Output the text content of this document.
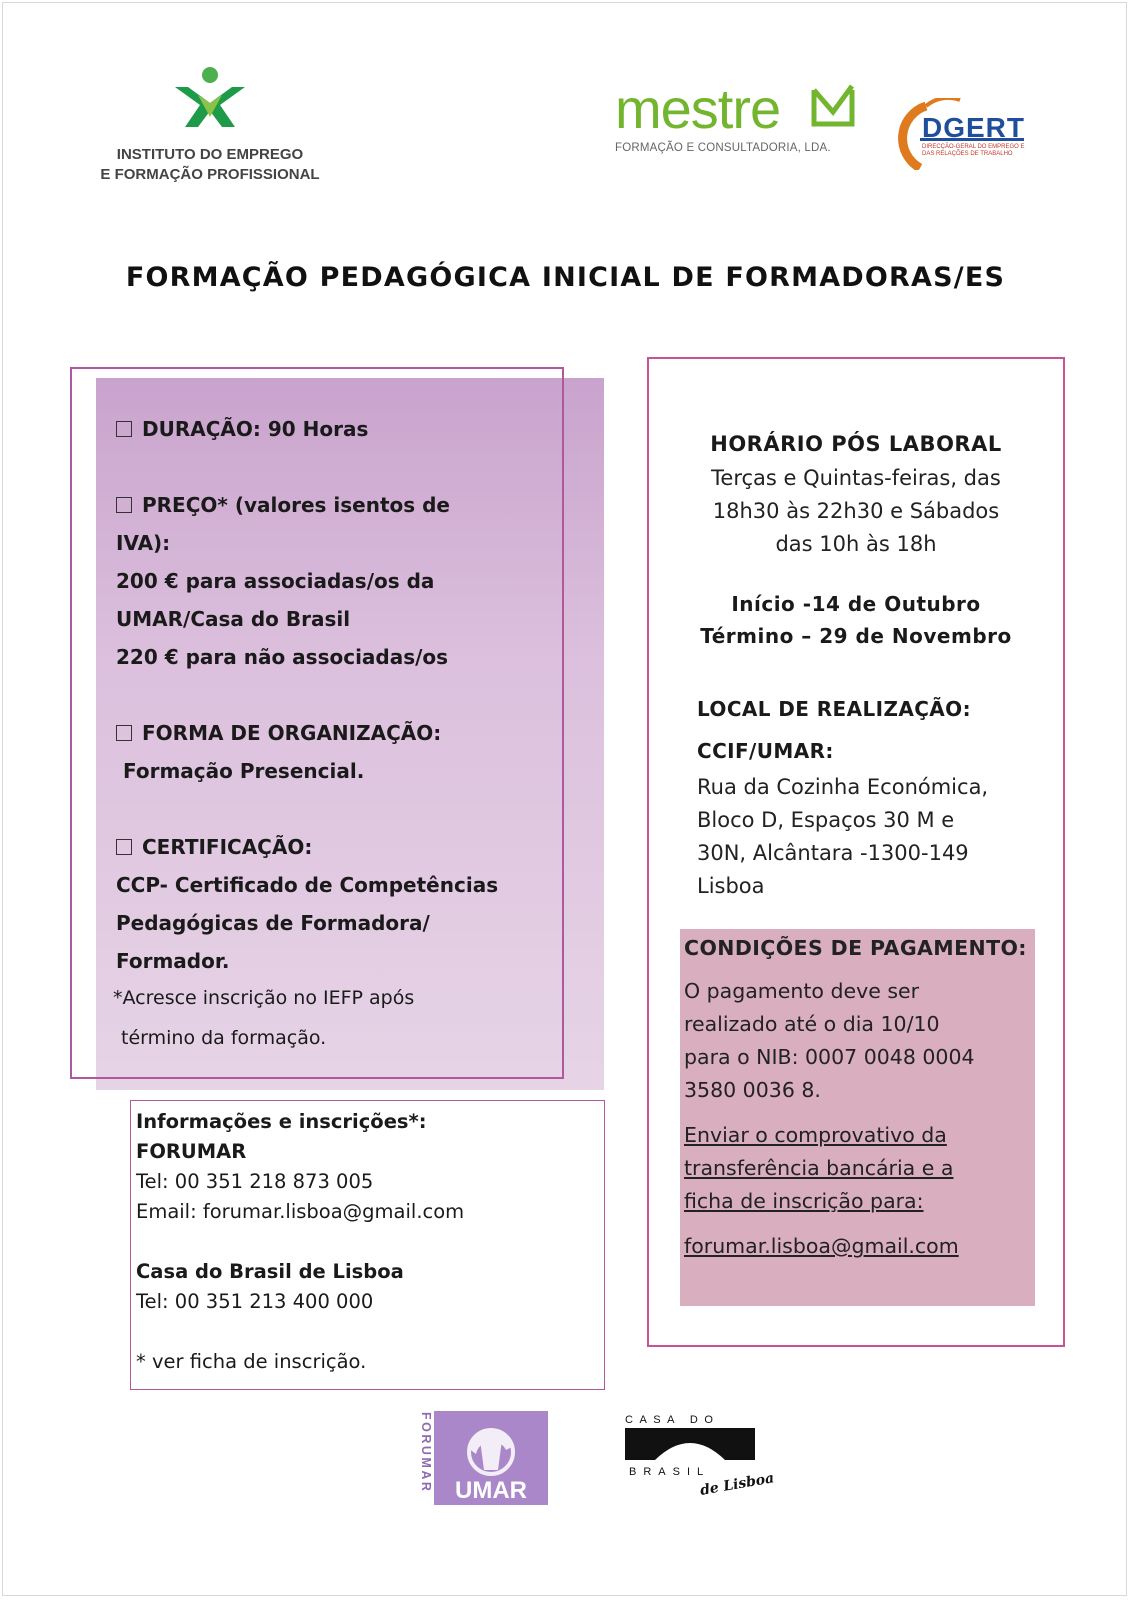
INSTITUTO DO EMPREGO
E FORMAÇÃO PROFISSIONAL
mestre
FORMAÇÃO E CONSULTADORIA, LDA.
DGERT
DIRECÇÃO-GERAL DO EMPREGO E DAS RELAÇÕES DE TRABALHO
FORMAÇÃO PEDAGÓGICA INICIAL DE FORMADORAS/ES
DURAÇÃO: 90 Horas
PREÇO* (valores isentos de
IVA):
200 € para associadas/os da
UMAR/Casa do Brasil
220 € para não associadas/os
FORMA DE ORGANIZAÇÃO:
Formação Presencial.
CERTIFICAÇÃO:
CCP- Certificado de Competências
Pedagógicas de Formadora/
Formador.
*Acresce inscrição no IEFP após
término da formação.
Informações e inscrições*:
FORUMAR
Tel: 00 351 218 873 005
Email: forumar.lisboa@gmail.com
Casa do Brasil de Lisboa
Tel: 00 351 213 400 000
* ver ficha de inscrição.
HORÁRIO PÓS LABORAL
Terças e Quintas-feiras, das
18h30 às 22h30 e Sábados
das 10h às 18h
Início -14 de Outubro
Término – 29 de Novembro
LOCAL DE REALIZAÇÃO:
CCIF/UMAR:
Rua da Cozinha Económica,
Bloco D, Espaços 30 M e
30N, Alcântara -1300-149
Lisboa
CONDIÇÕES DE PAGAMENTO:
O pagamento deve ser
realizado até o dia 10/10
para o NIB: 0007 0048 0004
3580 0036 8.
Enviar o comprovativo da
transferência bancária e a
ficha de inscrição para:
forumar.lisboa@gmail.com
UMAR
FORUMAR	CASA DO
BRASIL
de Lisboa
